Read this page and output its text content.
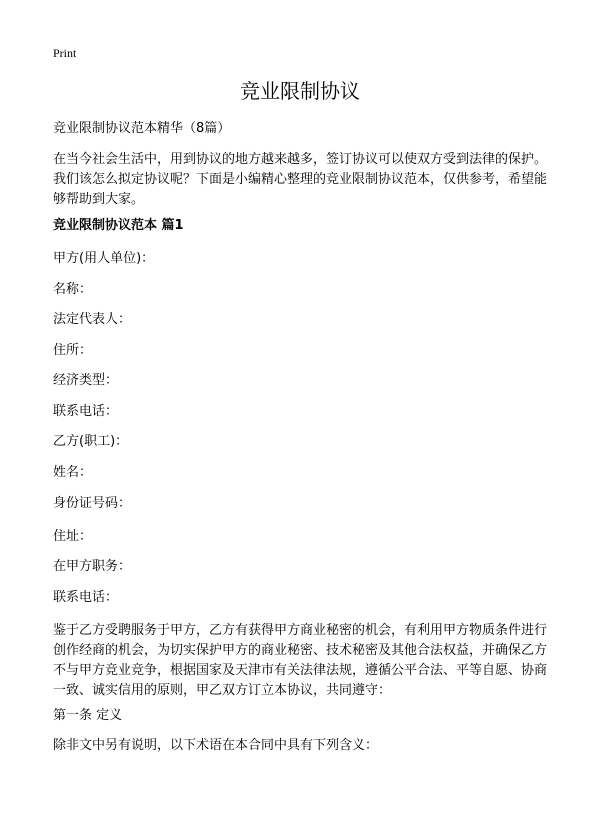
Print
竞业限制协议

竞业限制协议范本精华（8篇）

在当今社会生活中，用到协议的地方越来越多，签订协议可以使双方受到法律的保护。我们该怎么拟定协议呢？下面是小编精心整理的竞业限制协议范本，仅供参考，希望能够帮助到大家。

竞业限制协议范本 篇1

甲方(用人单位)：

名称：

法定代表人：

住所：

经济类型：

联系电话：

乙方(职工)：

姓名：

身份证号码：

住址：

在甲方职务：

联系电话：

鉴于乙方受聘服务于甲方，乙方有获得甲方商业秘密的机会，有利用甲方物质条件进行创作经商的机会，为切实保护甲方的商业秘密、技术秘密及其他合法权益，并确保乙方不与甲方竞业竞争，根据国家及天津市有关法律法规，遵循公平合法、平等自愿、协商一致、诚实信用的原则，甲乙双方订立本协议，共同遵守：

第一条 定义

除非文中另有说明，以下术语在本合同中具有下列含义：
